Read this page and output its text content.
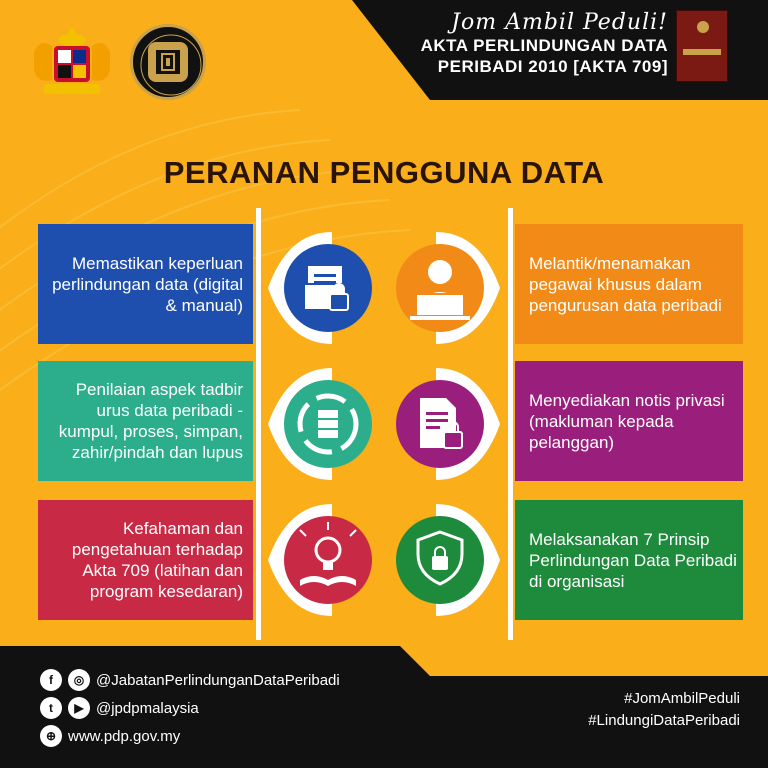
Jom Ambil Peduli!
AKTA PERLINDUNGAN DATA
PERIBADI 2010 [AKTA 709]
PERANAN PENGGUNA DATA
Memastikan keperluan perlindungan data (digital & manual)
Penilaian aspek tadbir urus data peribadi - kumpul, proses, simpan, zahir/pindah dan lupus
Kefahaman dan pengetahuan terhadap Akta 709 (latihan dan program kesedaran)
Melantik/menamakan pegawai khusus dalam pengurusan data peribadi
Menyediakan notis privasi (makluman kepada pelanggan)
Melaksanakan 7 Prinsip Perlindungan Data Peribadi di organisasi
f	◎ @JabatanPerlindunganDataPeribadi
t	▶ @jpdpmalaysia
⊕ www.pdp.gov.my
#JomAmbilPeduli
#LindungiDataPeribadi
